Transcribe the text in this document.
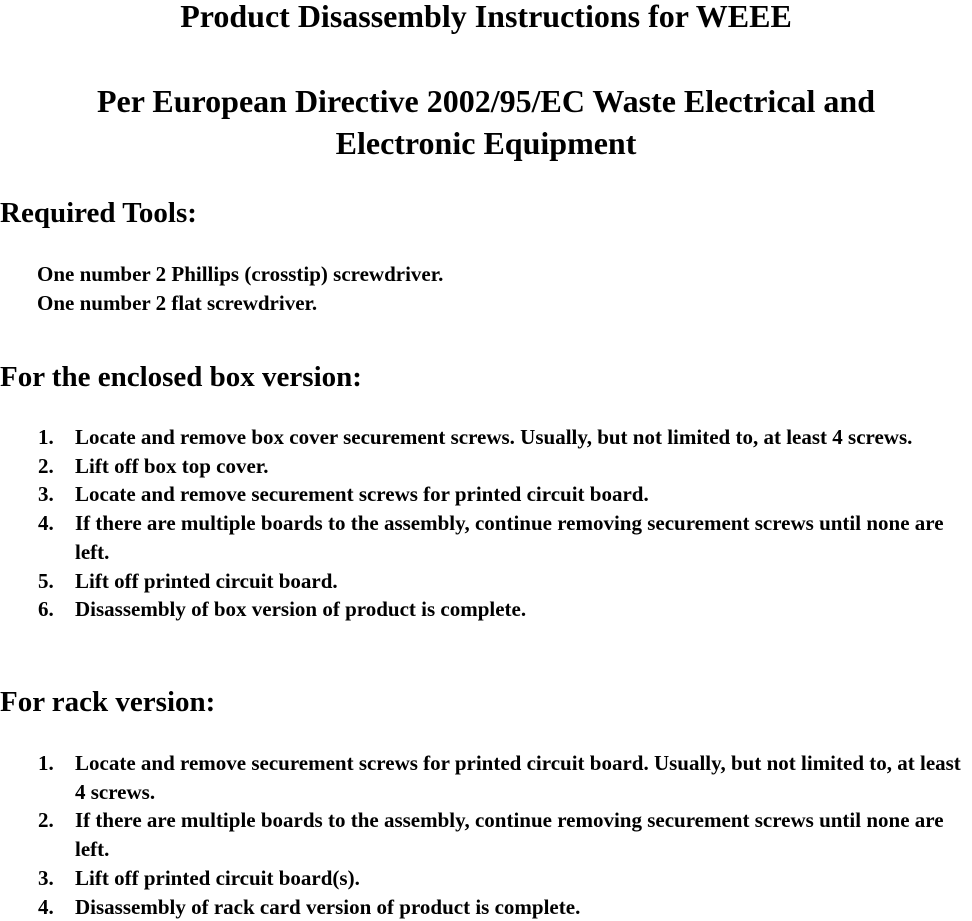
Product Disassembly Instructions for WEEE
Per European Directive 2002/95/EC Waste Electrical and
Electronic Equipment
Required Tools:
One number 2 Phillips (crosstip) screwdriver.
One number 2 flat screwdriver.
For the enclosed box version:
1. Locate and remove box cover securement screws. Usually, but not limited to, at least 4 screws.
2. Lift off box top cover.
3. Locate and remove securement screws for printed circuit board.
4. If there are multiple boards to the assembly, continue removing securement screws until none are left.
5. Lift off printed circuit board.
6. Disassembly of box version of product is complete.
For rack version:
1. Locate and remove securement screws for printed circuit board. Usually, but not limited to, at least 4 screws.
2. If there are multiple boards to the assembly, continue removing securement screws until none are left.
3. Lift off printed circuit board(s).
4. Disassembly of rack card version of product is complete.
